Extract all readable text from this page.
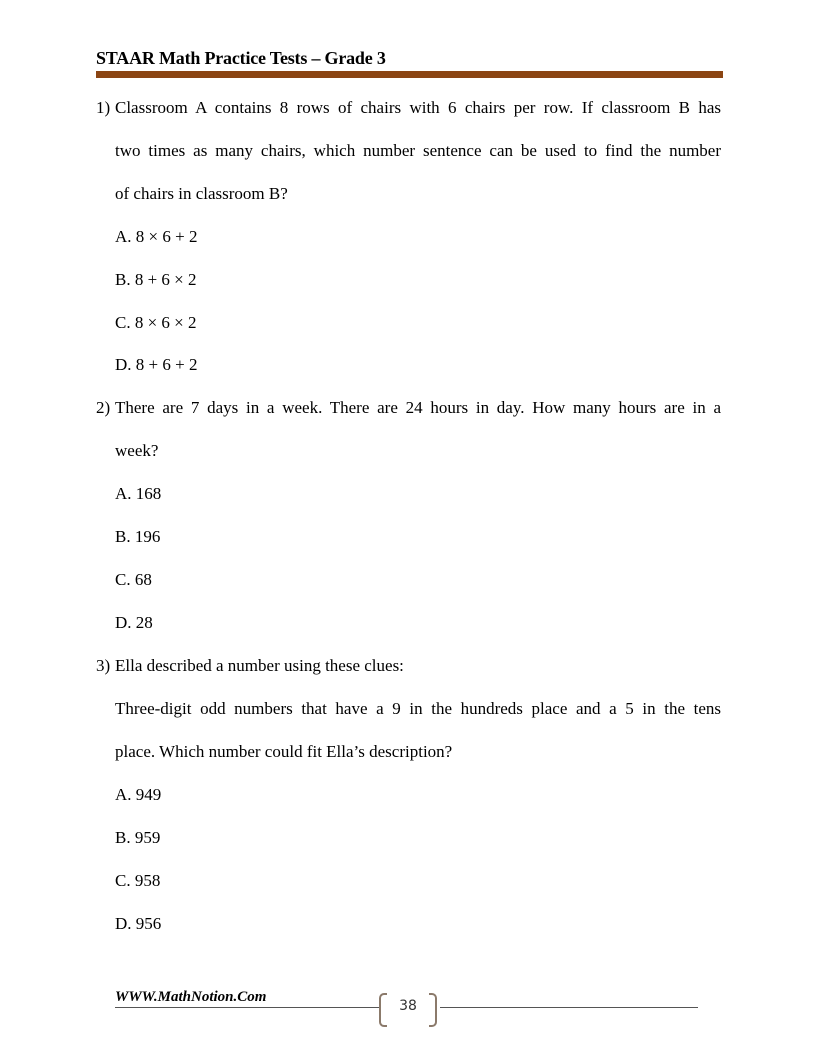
STAAR Math Practice Tests – Grade 3
1) Classroom A contains 8 rows of chairs with 6 chairs per row. If classroom B has
two times as many chairs, which number sentence can be used to find the number
of chairs in classroom B?
A. 8 × 6 + 2
B. 8 + 6 × 2
C. 8 × 6 × 2
D. 8 + 6 + 2
2) There are 7 days in a week. There are 24 hours in day. How many hours are in a
week?
A. 168
B. 196
C. 68
D. 28
3) Ella described a number using these clues:
Three-digit odd numbers that have a 9 in the hundreds place and a 5 in the tens
place. Which number could fit Ella’s description?
A. 949
B. 959
C. 958
D. 956
WWW.MathNotion.Com
38
